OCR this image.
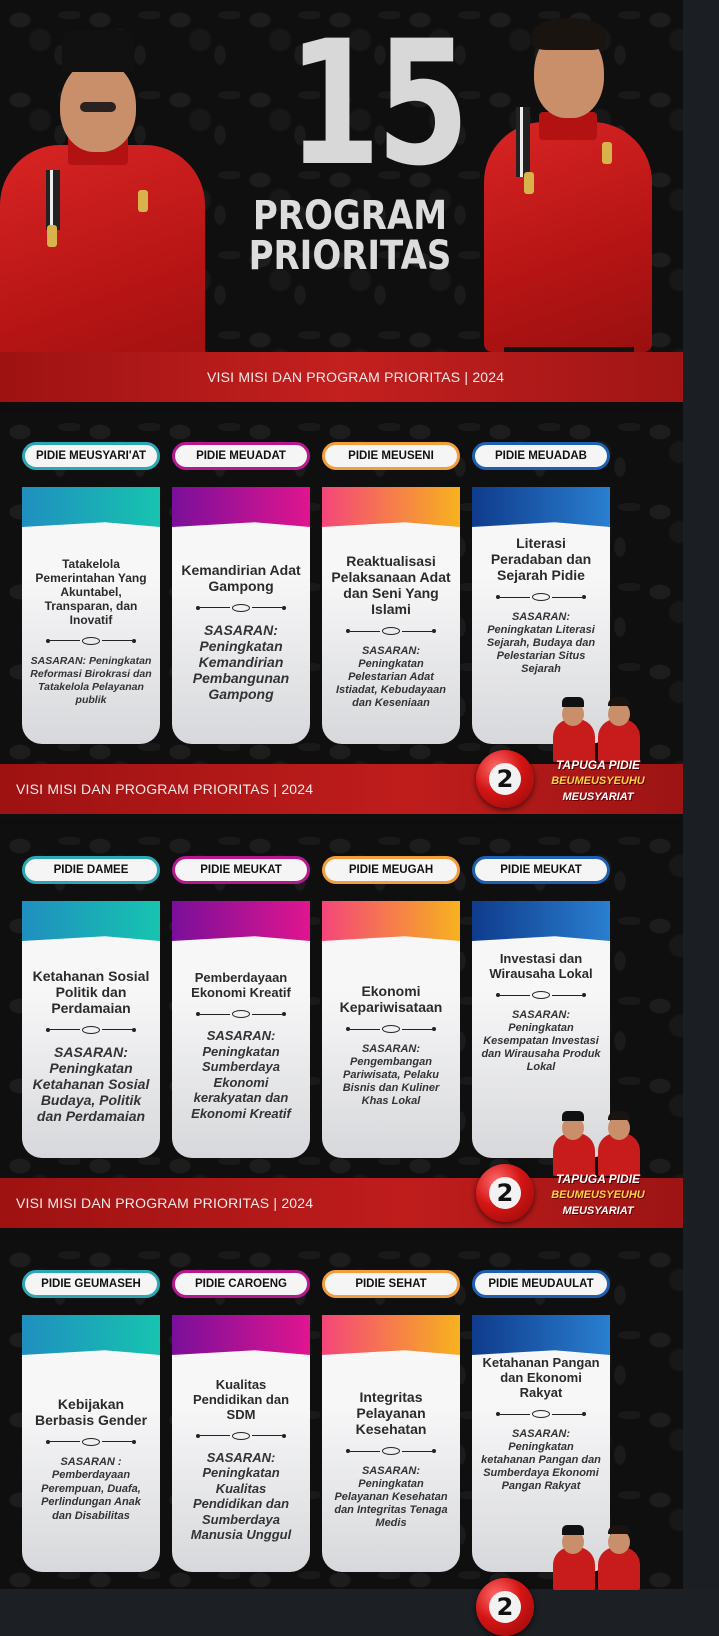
15
PROGRAM
PRIORITAS
VISI MISI DAN PROGRAM PRIORITAS | 2024
PIDIE MEUSYARI'AT	PIDIE MEUADAT	PIDIE MEUSENI	PIDIE MEUADAB
Tatakelola Pemerintahan Yang Akuntabel, Transparan, dan Inovatif
SASARAN: Peningkatan Reformasi Birokrasi dan Tatakelola Pelayanan publik
Kemandirian Adat Gampong
SASARAN: Peningkatan Kemandirian Pembangunan Gampong
Reaktualisasi Pelaksanaan Adat dan Seni Yang Islami
SASARAN: Peningkatan Pelestarian Adat Istiadat, Kebudayaan dan Keseniaan
Literasi Peradaban dan Sejarah Pidie
SASARAN: Peningkatan Literasi Sejarah, Budaya dan Pelestarian Situs Sejarah
VISI MISI DAN PROGRAM PRIORITAS | 2024	2	TAPUGA PIDIE
BEUMEUSYEUHU
MEUSYARIAT
PIDIE DAMEE	PIDIE MEUKAT	PIDIE MEUGAH	PIDIE MEUKAT
Ketahanan Sosial Politik dan Perdamaian
SASARAN: Peningkatan Ketahanan Sosial Budaya, Politik dan Perdamaian
Pemberdayaan Ekonomi Kreatif
SASARAN: Peningkatan Sumberdaya Ekonomi kerakyatan dan Ekonomi Kreatif
Ekonomi Kepariwisataan
SASARAN: Pengembangan Pariwisata, Pelaku Bisnis dan Kuliner Khas Lokal
Investasi dan Wirausaha Lokal
SASARAN: Peningkatan Kesempatan Investasi dan Wirausaha Produk Lokal
VISI MISI DAN PROGRAM PRIORITAS | 2024	2	TAPUGA PIDIE
BEUMEUSYEUHU
MEUSYARIAT
PIDIE GEUMASEH	PIDIE CAROENG	PIDIE SEHAT	PIDIE MEUDAULAT
Kebijakan Berbasis Gender
SASARAN : Pemberdayaan Perempuan, Duafa, Perlindungan Anak dan Disabilitas
Kualitas Pendidikan dan SDM
SASARAN: Peningkatan Kualitas Pendidikan dan Sumberdaya Manusia Unggul
Integritas Pelayanan Kesehatan
SASARAN: Peningkatan Pelayanan Kesehatan dan Integritas Tenaga Medis
Ketahanan Pangan dan Ekonomi Rakyat
SASARAN: Peningkatan ketahanan Pangan dan Sumberdaya Ekonomi Pangan Rakyat
2
